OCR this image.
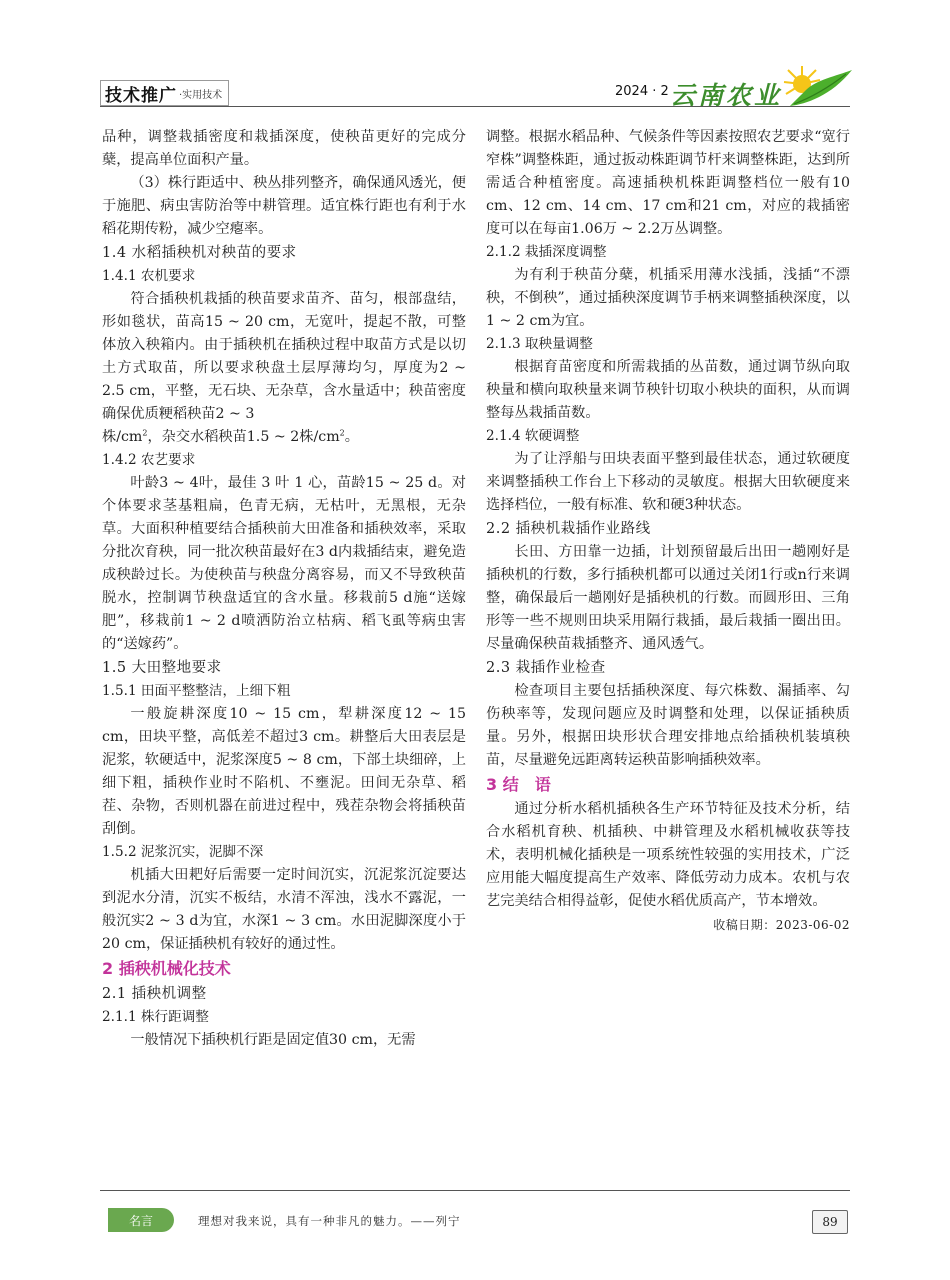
技术推广 ·实用技术	2024 · 2 云南农业

品种，调整栽插密度和栽插深度，使秧苗更好的完成分蘖，提高单位面积产量。

（3）株行距适中、秧丛排列整齐，确保通风透光，便于施肥、病虫害防治等中耕管理。适宜株行距也有利于水稻花期传粉，减少空瘪率。

1.4 水稻插秧机对秧苗的要求
1.4.1 农机要求

符合插秧机栽插的秧苗要求苗齐、苗匀，根部盘结，形如毯状，苗高15 ~ 20 cm，无宽叶，提起不散，可整体放入秧箱内。由于插秧机在插秧过程中取苗方式是以切土方式取苗，所以要求秧盘土层厚薄均匀，厚度为2 ~ 2.5 cm，平整，无石块、无杂草，含水量适中；秧苗密度确保优质粳稻秧苗2 ~ 3

株$/cm^2$，杂交水稻秧苗1.5 ~ 2株$/cm^2$。

1.4.2 农艺要求

叶龄3 ~ 4叶，最佳 3 叶 1 心，苗龄15 ~ 25 d。对个体要求茎基粗扁，色青无病，无枯叶，无黑根，无杂草。大面积种植要结合插秧前大田准备和插秧效率，采取分批次育秧，同一批次秧苗最好在3 d内栽插结束，避免造成秧龄过长。为使秧苗与秧盘分离容易，而又不导致秧苗脱水，控制调节秧盘适宜的含水量。移栽前5 d施“送嫁肥”，移栽前1 ~ 2 d喷洒防治立枯病、稻飞虱等病虫害的“送嫁药”。

1.5 大田整地要求
1.5.1 田面平整整洁，上细下粗

一般旋耕深度10 ~ 15 cm，犁耕深度12 ~ 15 cm，田块平整，高低差不超过3 cm。耕整后大田表层是泥浆，软硬适中，泥浆深度5 ~ 8 cm，下部土块细碎，上细下粗，插秧作业时不陷机、不壅泥。田间无杂草、稻茬、杂物，否则机器在前进过程中，残茬杂物会将插秧苗刮倒。

1.5.2 泥浆沉实，泥脚不深

机插大田耙好后需要一定时间沉实，沉泥浆沉淀要达到泥水分清，沉实不板结，水清不浑浊，浅水不露泥，一般沉实2 ~ 3 d为宜，水深1 ~ 3 cm。水田泥脚深度小于20 cm，保证插秧机有较好的通过性。

2 插秧机械化技术
2.1 插秧机调整
2.1.1 株行距调整

一般情况下插秧机行距是固定值30 cm，无需

调整。根据水稻品种、气候条件等因素按照农艺要求“宽行窄株”调整株距，通过扳动株距调节杆来调整株距，达到所需适合种植密度。高速插秧机株距调整档位一般有10 cm、12 cm、14 cm、17 cm和21 cm，对应的栽插密度可以在每亩1.06万 ~ 2.2万丛调整。

2.1.2 栽插深度调整

为有利于秧苗分蘖，机插采用薄水浅插，浅插“不漂秧，不倒秧”，通过插秧深度调节手柄来调整插秧深度，以1 ~ 2 cm为宜。

2.1.3 取秧量调整

根据育苗密度和所需栽插的丛苗数，通过调节纵向取秧量和横向取秧量来调节秧针切取小秧块的面积，从而调整每丛栽插苗数。

2.1.4 软硬调整

为了让浮船与田块表面平整到最佳状态，通过软硬度来调整插秧工作台上下移动的灵敏度。根据大田软硬度来选择档位，一般有标准、软和硬3种状态。

2.2 插秧机栽插作业路线

长田、方田靠一边插，计划预留最后出田一趟刚好是插秧机的行数，多行插秧机都可以通过关闭1行或n行来调整，确保最后一趟刚好是插秧机的行数。而圆形田、三角形等一些不规则田块采用隔行栽插，最后栽插一圈出田。尽量确保秧苗栽插整齐、通风透气。

2.3 栽插作业检查

检查项目主要包括插秧深度、每穴株数、漏插率、勾伤秧率等，发现问题应及时调整和处理，以保证插秧质量。另外，根据田块形状合理安排地点给插秧机装填秧苗，尽量避免远距离转运秧苗影响插秧效率。

3 结　语

通过分析水稻机插秧各生产环节特征及技术分析，结合水稻机育秧、机插秧、中耕管理及水稻机械收获等技术，表明机械化插秧是一项系统性较强的实用技术，广泛应用能大幅度提高生产效率、降低劳动力成本。农机与农艺完美结合相得益彰，促使水稻优质高产，节本增效。

收稿日期：2023-06-02

名言	理想对我来说，具有一种非凡的魅力。——列宁	89
